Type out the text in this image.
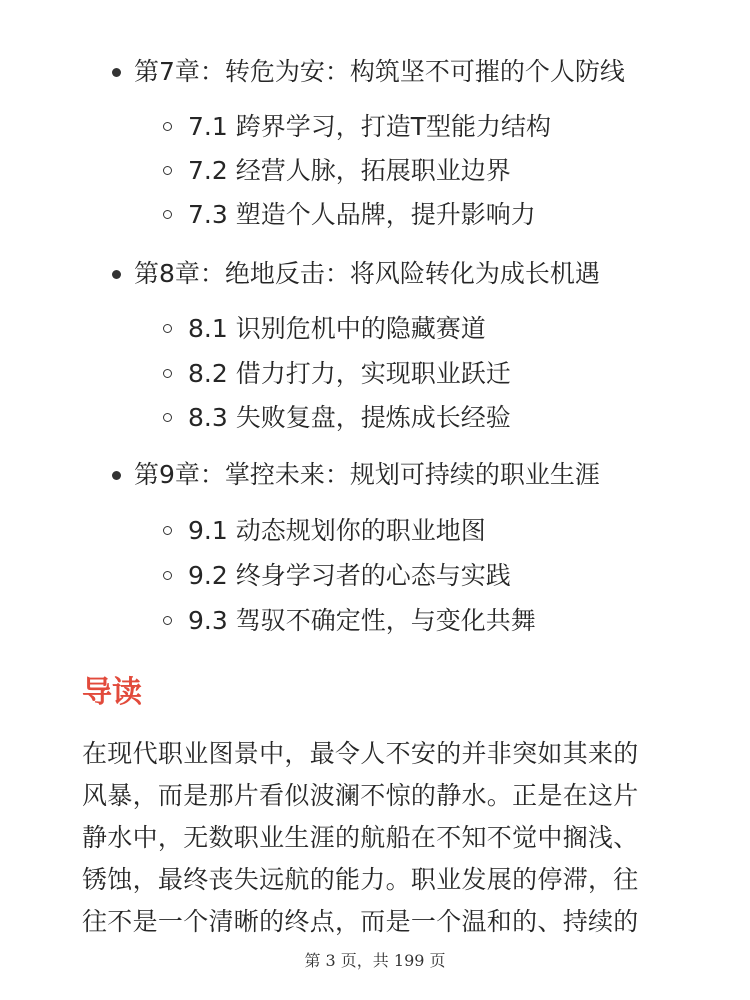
第7章：转危为安：构筑坚不可摧的个人防线
7.1 跨界学习，打造T型能力结构
7.2 经营人脉，拓展职业边界
7.3 塑造个人品牌，提升影响力
第8章：绝地反击：将风险转化为成长机遇
8.1 识别危机中的隐藏赛道
8.2 借力打力，实现职业跃迁
8.3 失败复盘，提炼成长经验
第9章：掌控未来：规划可持续的职业生涯
9.1 动态规划你的职业地图
9.2 终身学习者的心态与实践
9.3 驾驭不确定性，与变化共舞
导读
在现代职业图景中，最令人不安的并非突如其来的
风暴，而是那片看似波澜不惊的静水。正是在这片
静水中，无数职业生涯的航船在不知不觉中搁浅、
锈蚀，最终丧失远航的能力。职业发展的停滞，往
往不是一个清晰的终点，而是一个温和的、持续的
第 3 页，共 199 页
